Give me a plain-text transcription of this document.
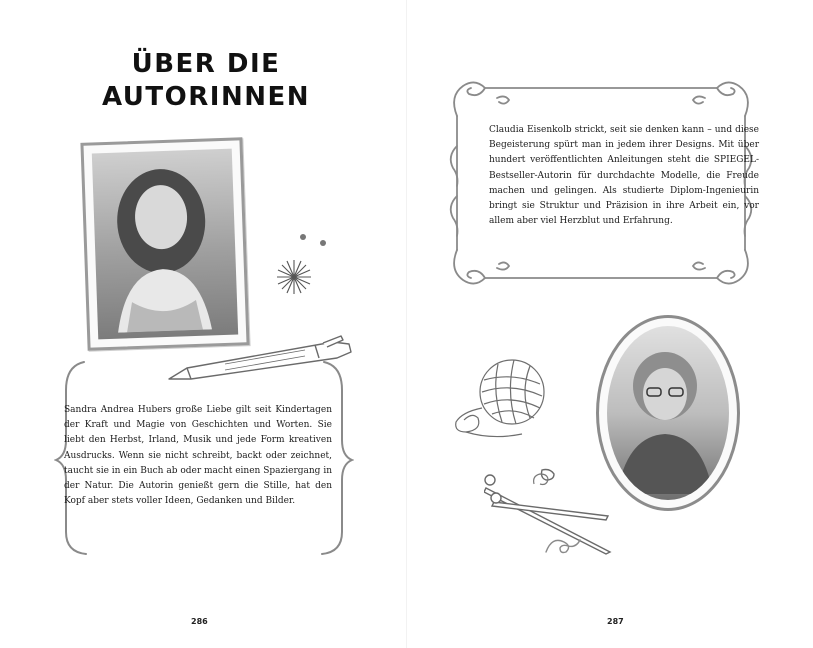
ÜBER DIE
AUTORINNEN

Sandra Andrea Hubers große Liebe gilt seit Kindertagen der Kraft und Magie von Geschichten und Worten. Sie liebt den Herbst, Irland, Musik und jede Form kreativen Ausdrucks. Wenn sie nicht schreibt, backt oder zeichnet, taucht sie in ein Buch ab oder macht einen Spaziergang in der Natur. Die Autorin genießt gern die Stille, hat den Kopf aber stets voller Ideen, Gedanken und Bilder.

286

Claudia Eisenkolb strickt, seit sie denken kann – und diese Begeisterung spürt man in jedem ihrer Designs. Mit über hundert veröffentlichten Anleitungen steht die SPIEGEL-Bestseller-Autorin für durchdachte Modelle, die Freude machen und gelingen. Als studierte Diplom-Ingenieurin bringt sie Struktur und Präzision in ihre Arbeit ein, vor allem aber viel Herzblut und Erfahrung.

287
